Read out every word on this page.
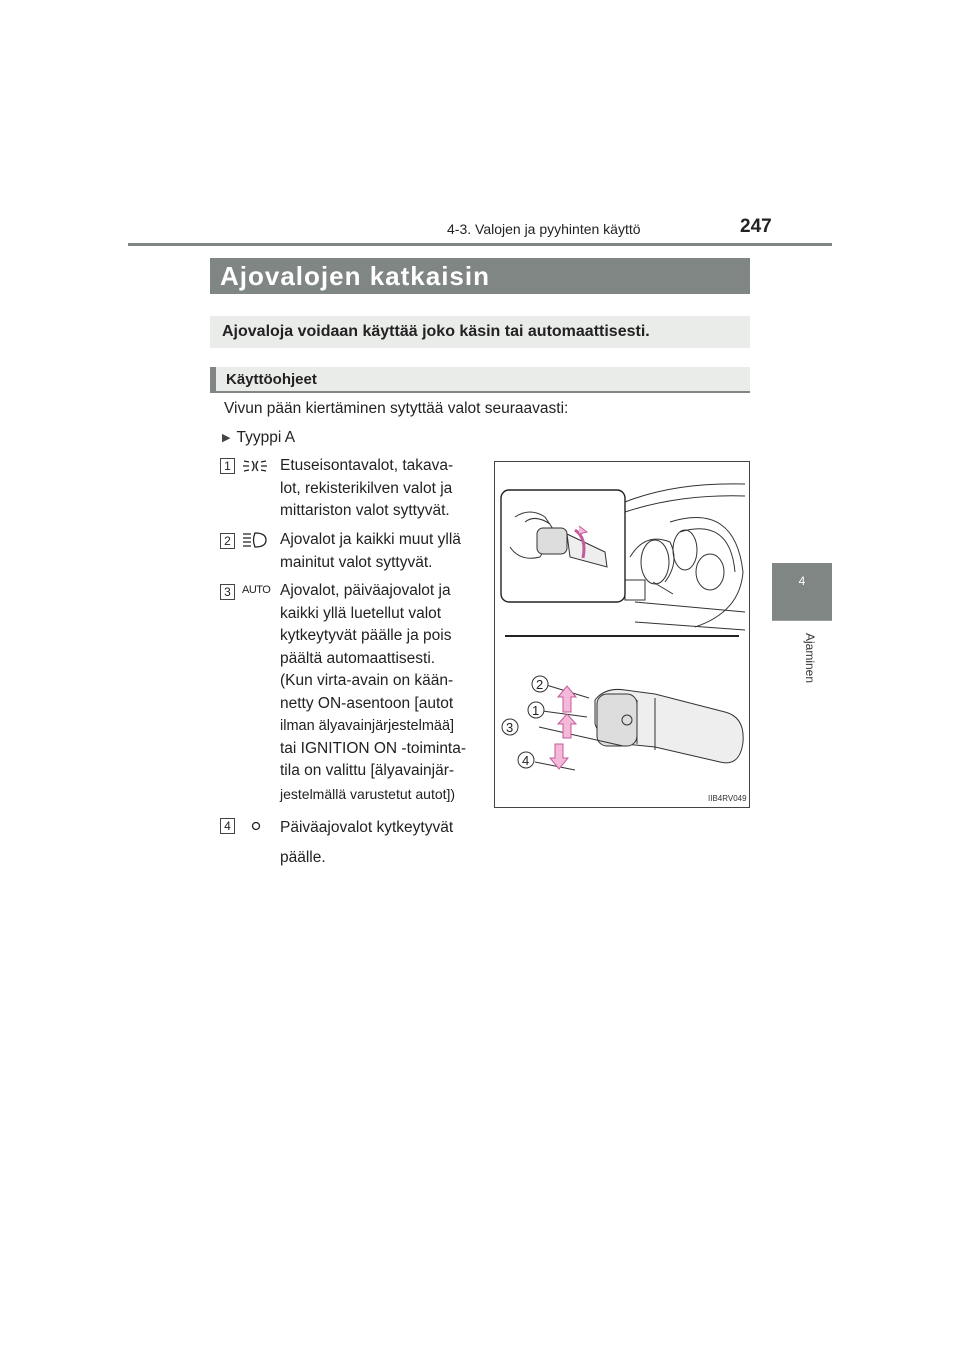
4-3. Valojen ja pyyhinten käyttö	247
4
Ajaminen
Ajovalojen katkaisin
Ajovaloja voidaan käyttää joko käsin tai automaattisesti.
Käyttöohjeet
Vivun pään kiertäminen sytyttää valot seuraavasti:
▶ Tyyppi A
1	Etuseisontavalot, takava-

lot, rekisterikilven valot ja

mittariston valot syttyvät.

2	Ajovalot ja kaikki muut yllä

mainitut valot syttyvät.

3	AUTO Ajovalot, päiväajovalot ja

kaikki yllä luetellut valot

kytkeytyvät päälle ja pois

päältä automaattisesti.

(Kun virta-avain on kään-

netty ON-asentoon [autot

ilman älyavainjärjestelmää]

tai IGNITION ON -toiminta-

tila on valittu [älyavainjär-

jestelmällä varustetut autot])

4	Päiväajovalot kytkeytyvät

päälle.

2
1
3
4
IIB4RV049
